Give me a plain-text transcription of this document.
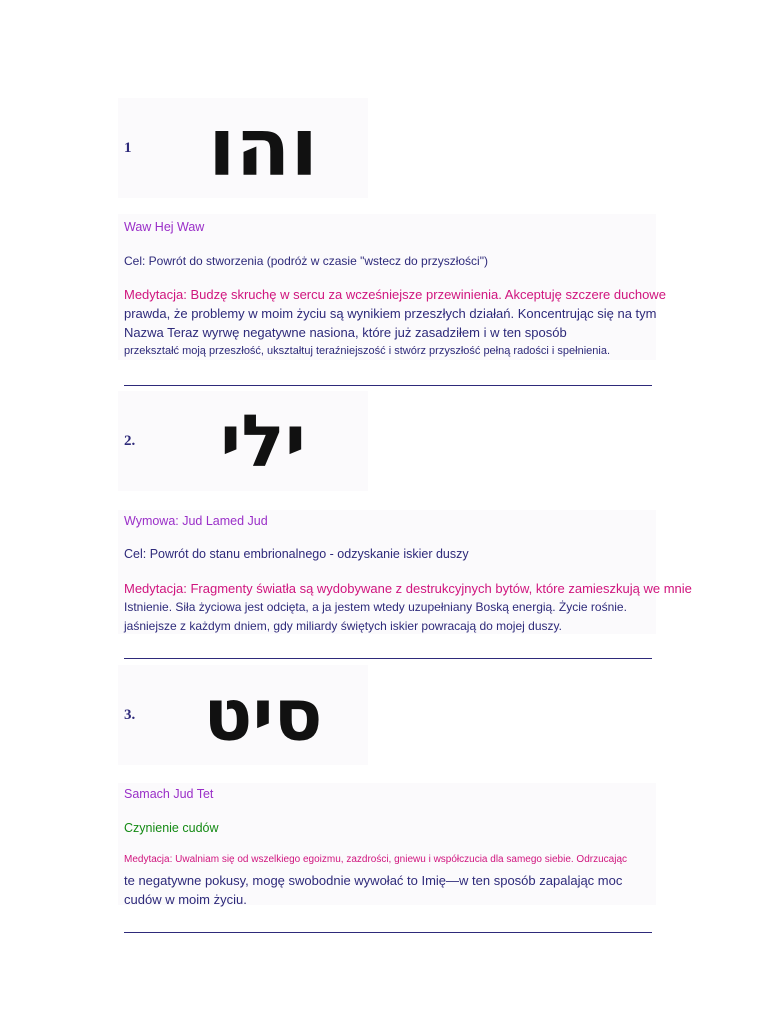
1 והו
Waw Hej Waw
Cel: Powrót do stworzenia (podróż w czasie "wstecz do przyszłości")
Medytacja: Budzę skruchę w sercu za wcześniejsze przewinienia. Akceptuję szczere duchowe
prawda, że problemy w moim życiu są wynikiem przeszłych działań. Koncentrując się na tym
Nazwa Teraz wyrwę negatywne nasiona, które już zasadziłem i w ten sposób
przekształć moją przeszłość, ukształtuj teraźniejszość i stwórz przyszłość pełną radości i spełnienia.
2.	ילי
Wymowa: Jud Lamed Jud
Cel: Powrót do stanu embrionalnego - odzyskanie iskier duszy
Medytacja: Fragmenty światła są wydobywane z destrukcyjnych bytów, które zamieszkują we mnie
Istnienie. Siła życiowa jest odcięta, a ja jestem wtedy uzupełniany Boską energią. Życie rośnie.
jaśniejsze z każdym dniem, gdy miliardy świętych iskier powracają do mojej duszy.
3. סיט
Samach Jud Tet
Czynienie cudów
Medytacja: Uwalniam się od wszelkiego egoizmu, zazdrości, gniewu i współczucia dla samego siebie. Odrzucając
te negatywne pokusy, mogę swobodnie wywołać to Imię—w ten sposób zapalając moc
cudów w moim życiu.
